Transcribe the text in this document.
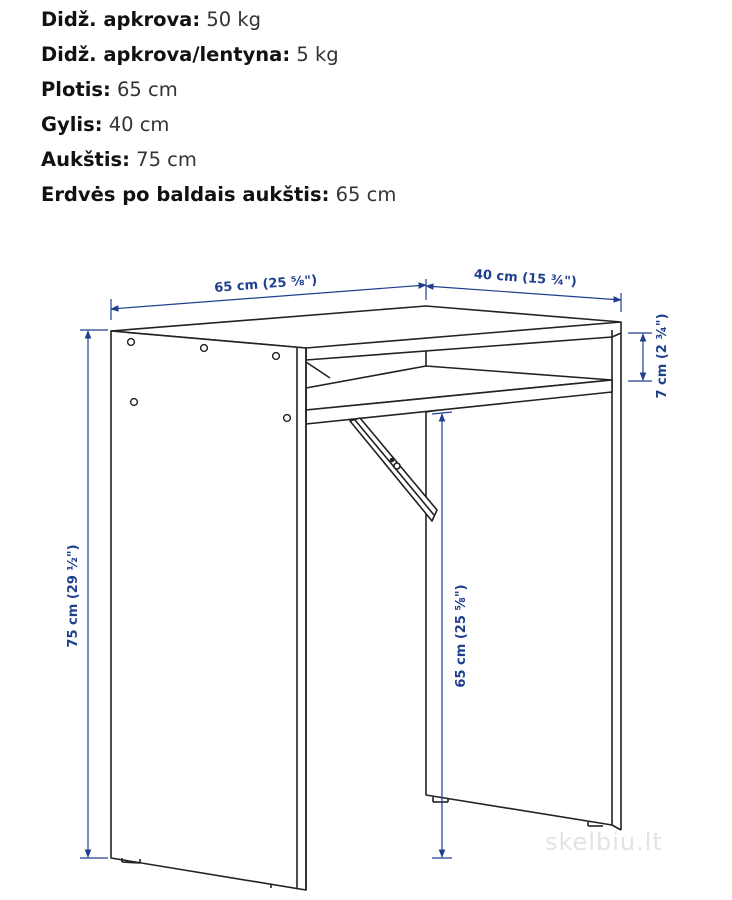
Didž. apkrova: 50 kg
Didž. apkrova/lentyna: 5 kg
Plotis: 65 cm
Gylis: 40 cm
Aukštis: 75 cm
Erdvės po baldais aukštis: 65 cm
65 cm (25 ⅝")	40 cm (15 ¾")
7 cm (2 ¾")
75 cm (29 ½")	65 cm (25 ⅝")
skelbiu.lt
